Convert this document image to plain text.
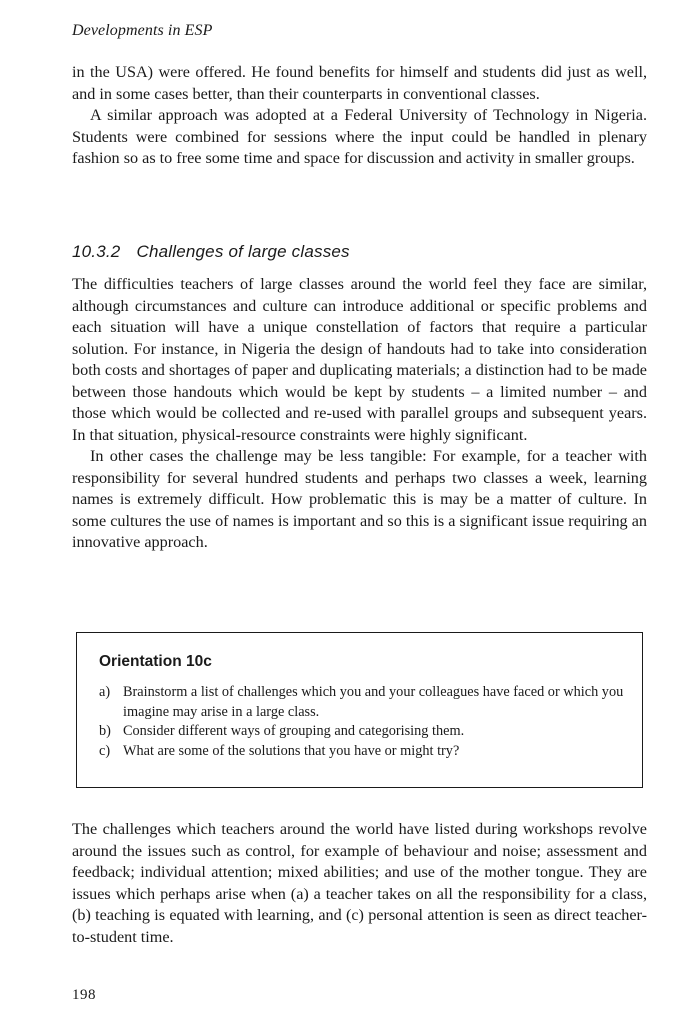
Developments in ESP

in the USA) were offered. He found benefits for himself and students did just as well, and in some cases better, than their counterparts in conventional classes.

A similar approach was adopted at a Federal University of Technology in Nigeria. Students were combined for sessions where the input could be handled in plenary fashion so as to free some time and space for discussion and activity in smaller groups.

10.3.2 Challenges of large classes

The difficulties teachers of large classes around the world feel they face are similar, although circumstances and culture can introduce additional or specific problems and each situation will have a unique constellation of factors that require a particular solution. For instance, in Nigeria the design of handouts had to take into consideration both costs and shortages of paper and duplicating materials; a distinction had to be made between those handouts which would be kept by students – a limited number – and those which would be collected and re-used with parallel groups and subsequent years. In that situation, physical-resource constraints were highly significant.

In other cases the challenge may be less tangible: For example, for a teacher with responsibility for several hundred students and perhaps two classes a week, learning names is extremely difficult. How problematic this is may be a matter of culture. In some cultures the use of names is important and so this is a significant issue requiring an innovative approach.

Orientation 10c
a) Brainstorm a list of challenges which you and your colleagues have faced or which you imagine may arise in a large class.
b) Consider different ways of grouping and categorising them.
c) What are some of the solutions that you have or might try?

The challenges which teachers around the world have listed during workshops revolve around the issues such as control, for example of behaviour and noise; assessment and feedback; individual attention; mixed abilities; and use of the mother tongue. They are issues which perhaps arise when (a) a teacher takes on all the responsibility for a class, (b) teaching is equated with learning, and (c) personal attention is seen as direct teacher-to-student time.

198
